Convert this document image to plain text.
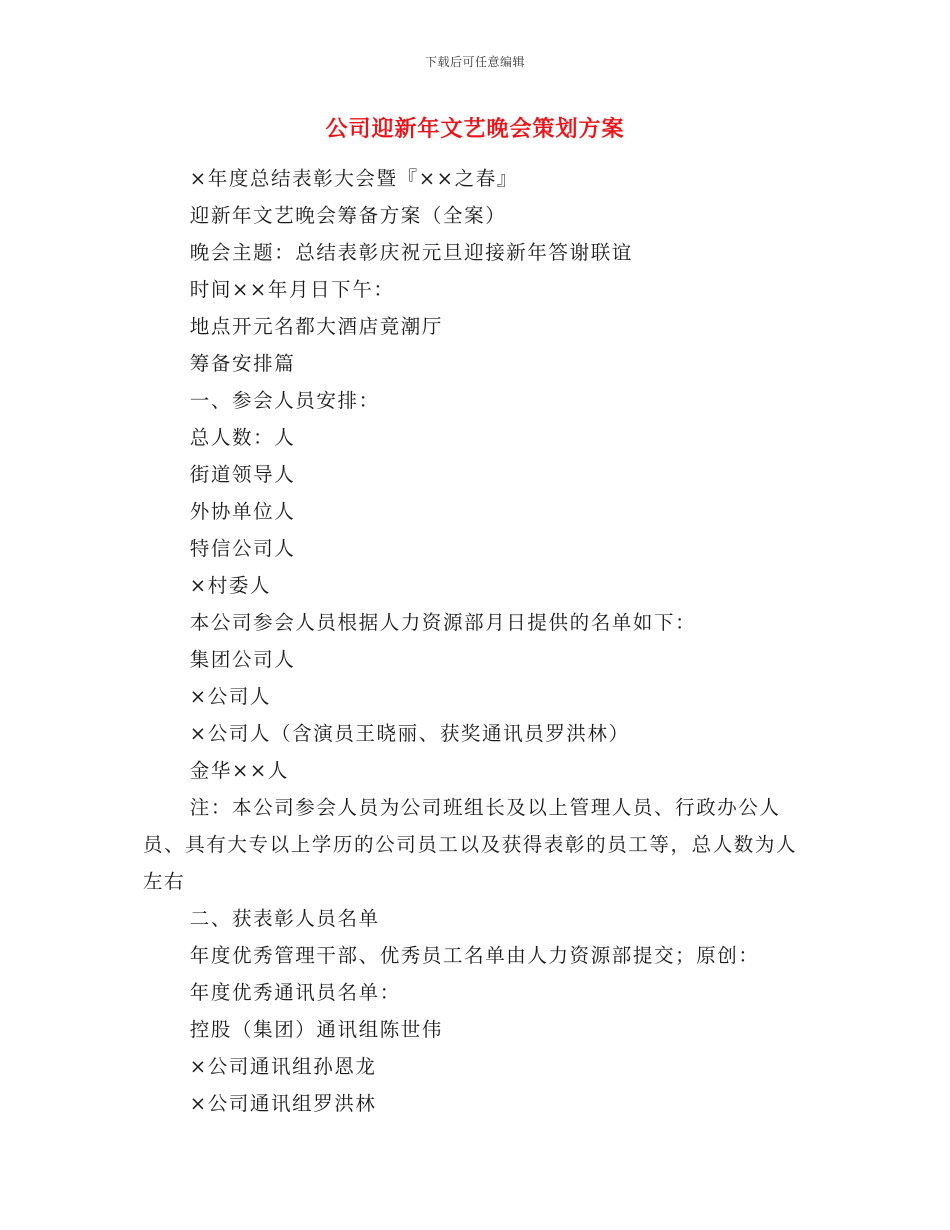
下载后可任意编辑
公司迎新年文艺晚会策划方案

×年度总结表彰大会暨『××之春』

迎新年文艺晚会筹备方案（全案）

晚会主题：总结表彰庆祝元旦迎接新年答谢联谊

时间××年月日下午：

地点开元名都大酒店竟潮厅

筹备安排篇

一、参会人员安排：

总人数：人

街道领导人

外协单位人

特信公司人

×村委人

本公司参会人员根据人力资源部月日提供的名单如下：

集团公司人

×公司人

×公司人（含演员王晓丽、获奖通讯员罗洪林）

金华××人

注：本公司参会人员为公司班组长及以上管理人员、行政办公人员、具有大专以上学历的公司员工以及获得表彰的员工等，总人数为人左右

二、获表彰人员名单

年度优秀管理干部、优秀员工名单由人力资源部提交；原创：

年度优秀通讯员名单：

控股（集团）通讯组陈世伟

×公司通讯组孙恩龙

×公司通讯组罗洪林
